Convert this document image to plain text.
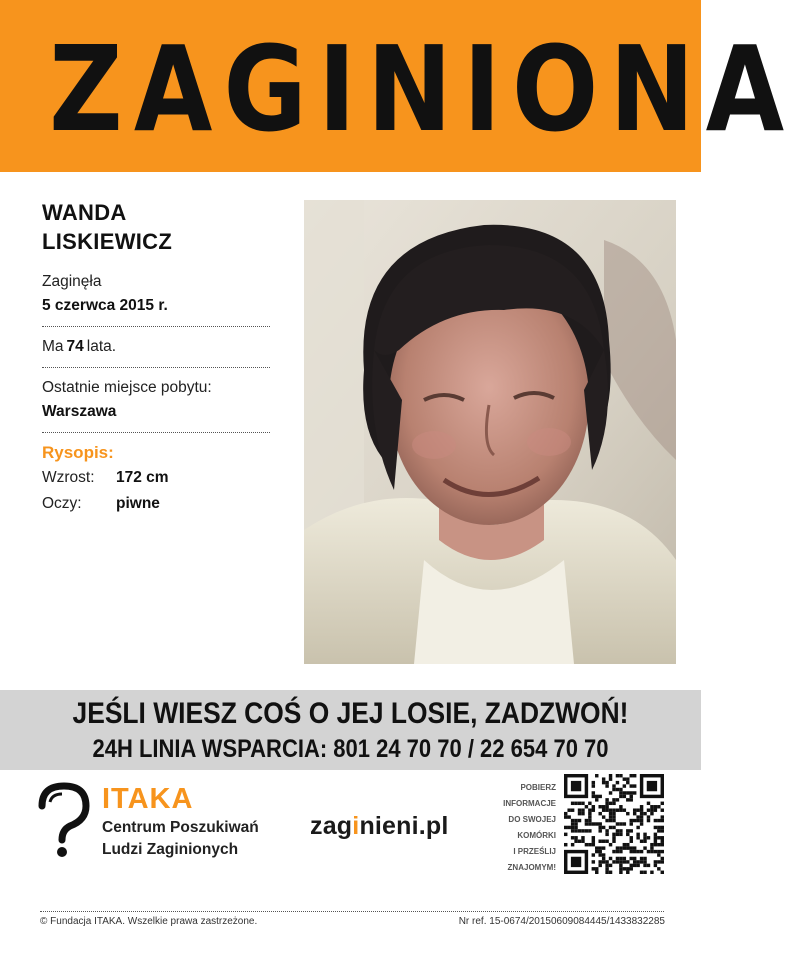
ZAGINIONA
WANDA
LISKIEWICZ
Zaginęła
5 czerwca 2015 r.
Ma 74 lata.
Ostatnie miejsce pobytu:
Warszawa
Rysopis:
Wzrost:	172 cm
Oczy:	piwne
JEŚLI WIESZ COŚ O JEJ LOSIE, ZADZWOŃ!
24H LINIA WSPARCIA: 801 24 70 70 / 22 654 70 70
ITAKA
Centrum Poszukiwań
Ludzi Zaginionych
zaginieni.pl
POBIERZ
INFORMACJE
DO SWOJEJ
KOMÓRKI
I PRZEŚLIJ
ZNAJOMYM!
© Fundacja ITAKA. Wszelkie prawa zastrzeżone.	Nr ref. 15-0674/20150609084445/1433832285
